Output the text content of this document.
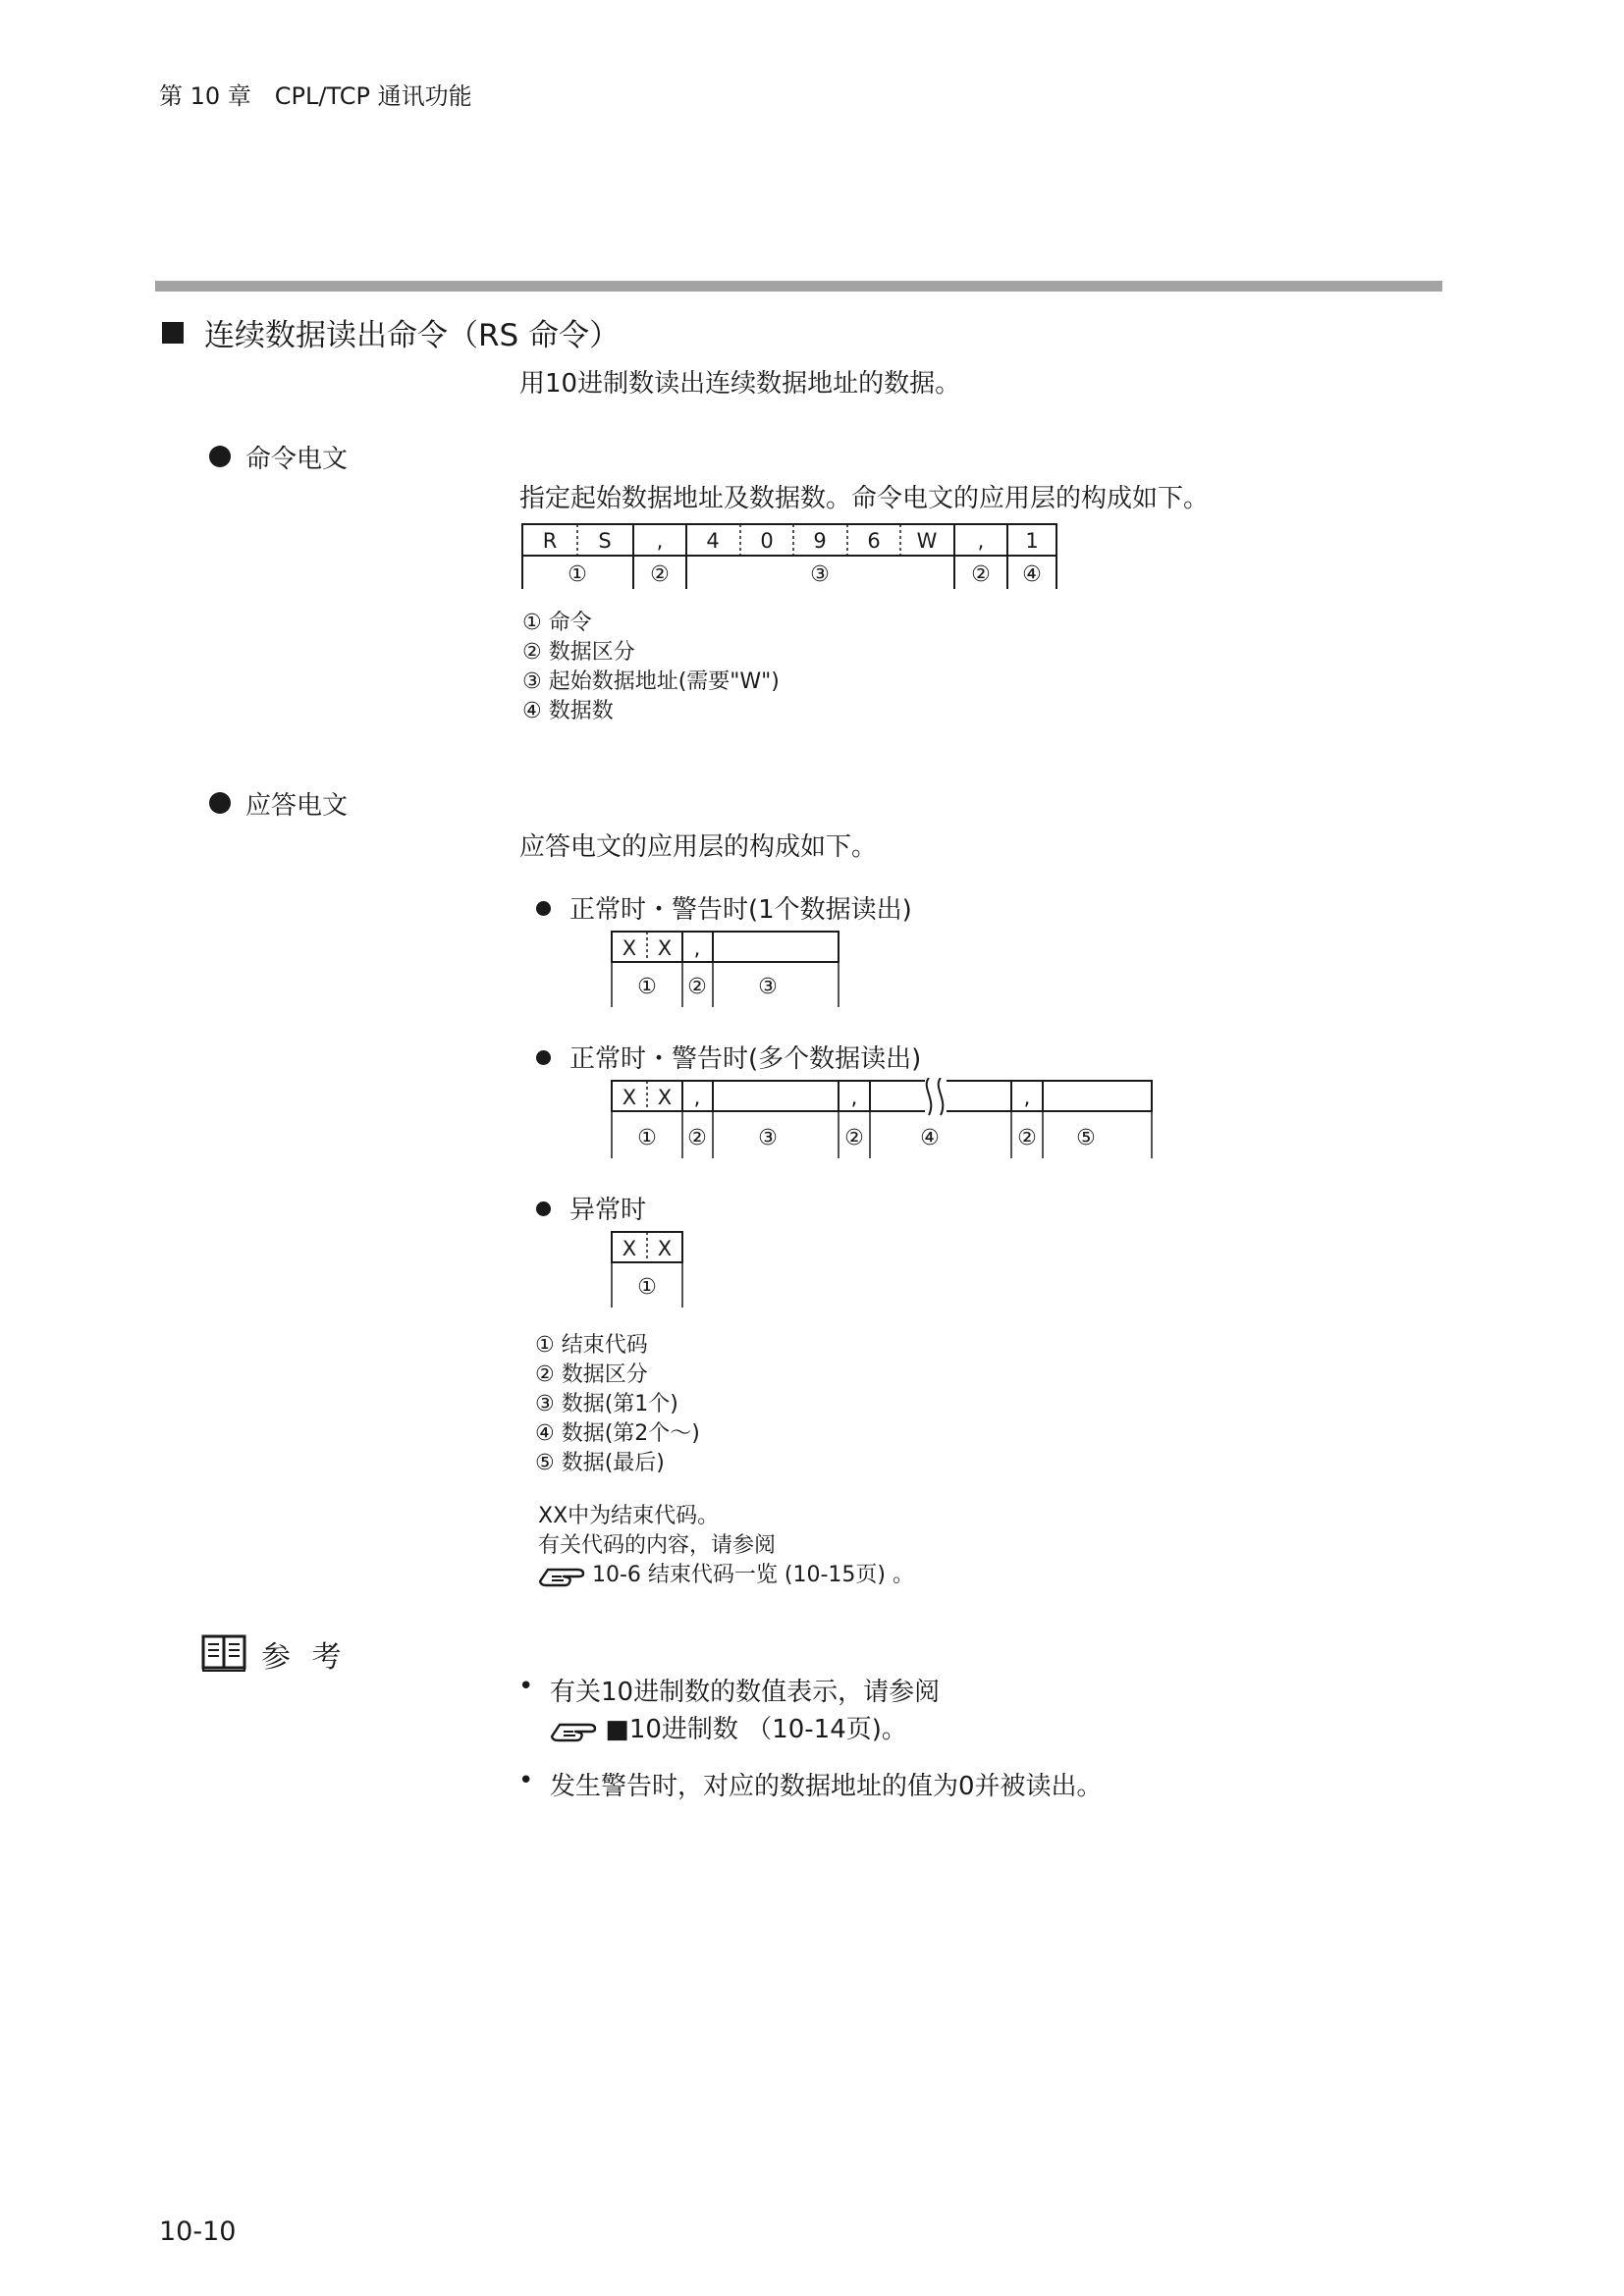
第 10 章　CPL/TCP 通讯功能
连续数据读出命令（RS 命令）
用10进制数读出连续数据地址的数据。
命令电文
指定起始数据地址及数据数。命令电文的应用层的构成如下。
R S , 4 0 9 6 W , 1
①	②	③	② ④
① 命令
② 数据区分
③ 起始数据地址(需要"W")
④ 数据数
应答电文
应答电文的应用层的构成如下。
正常时・警告时(1个数据读出)
X X ,
① ② ③
正常时・警告时(多个数据读出)
X X ,	,	,
① ② ③	②	④	② ⑤
异常时
X X
①
① 结束代码
② 数据区分
③ 数据(第1个)
④ 数据(第2个〜)
⑤ 数据(最后)
XX中为结束代码。
有关代码的内容，请参阅
10-6 结束代码一览 (10-15页) 。
参 考
• 有关10进制数的数值表示，请参阅
■10进制数 （10-14页)。
• 发生警告时，对应的数据地址的值为0并被读出。
10-10
